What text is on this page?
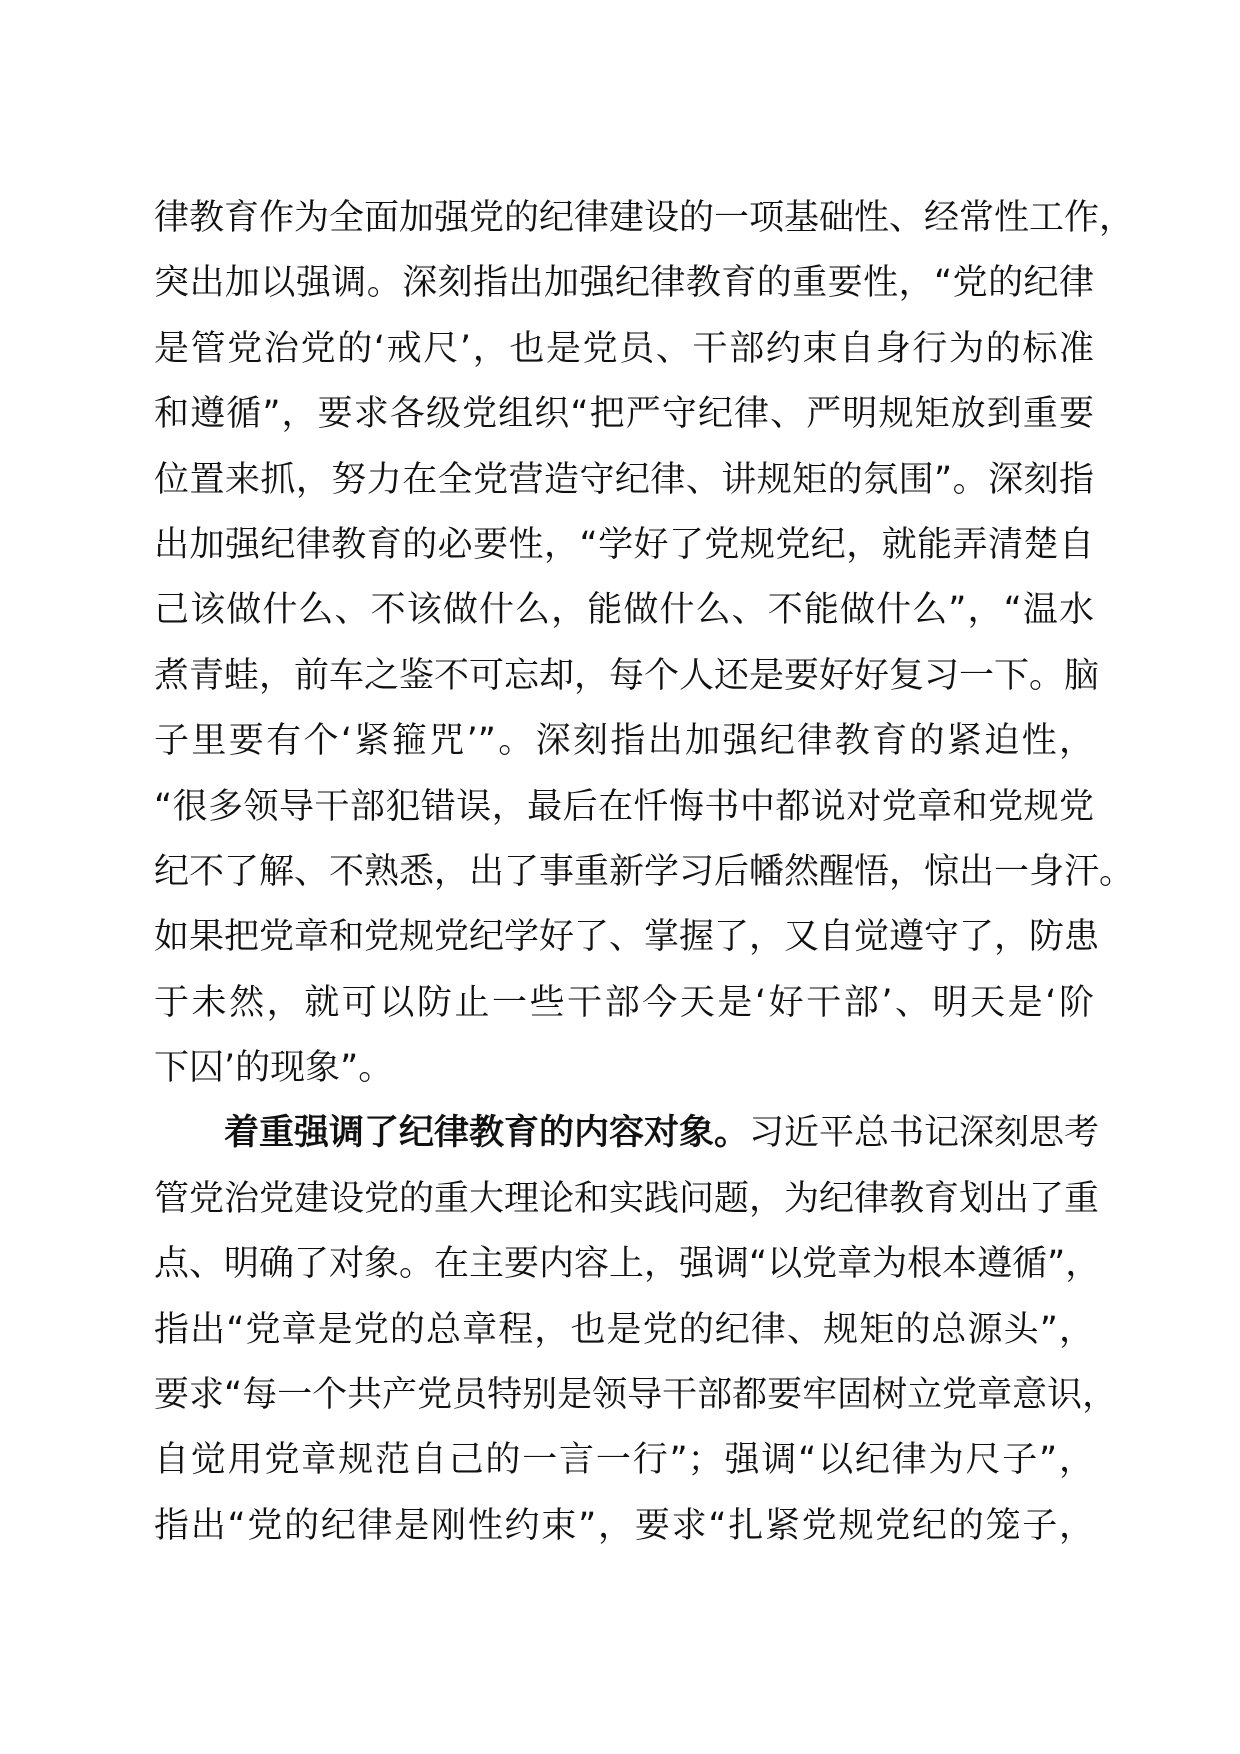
律教育作为全面加强党的纪律建设的一项基础性、经常性工作，
突出加以强调。深刻指出加强纪律教育的重要性，“党的纪律
是管党治党的‘戒尺’，也是党员、干部约束自身行为的标准
和遵循”，要求各级党组织“把严守纪律、严明规矩放到重要
位置来抓，努力在全党营造守纪律、讲规矩的氛围”。深刻指
出加强纪律教育的必要性，“学好了党规党纪，就能弄清楚自
己该做什么、不该做什么，能做什么、不能做什么”，“温水
煮青蛙，前车之鉴不可忘却，每个人还是要好好复习一下。脑
子里要有个‘紧箍咒’”。深刻指出加强纪律教育的紧迫性，
“很多领导干部犯错误，最后在忏悔书中都说对党章和党规党
纪不了解、不熟悉，出了事重新学习后幡然醒悟，惊出一身汗。
如果把党章和党规党纪学好了、掌握了，又自觉遵守了，防患
于未然，就可以防止一些干部今天是‘好干部’、明天是‘阶
下囚’的现象”。
着重强调了纪律教育的内容对象。习近平总书记深刻思考
管党治党建设党的重大理论和实践问题，为纪律教育划出了重
点、明确了对象。在主要内容上，强调“以党章为根本遵循”，
指出“党章是党的总章程，也是党的纪律、规矩的总源头”，
要求“每一个共产党员特别是领导干部都要牢固树立党章意识，
自觉用党章规范自己的一言一行”；强调“以纪律为尺子”，
指出“党的纪律是刚性约束”，要求“扎紧党规党纪的笼子，
